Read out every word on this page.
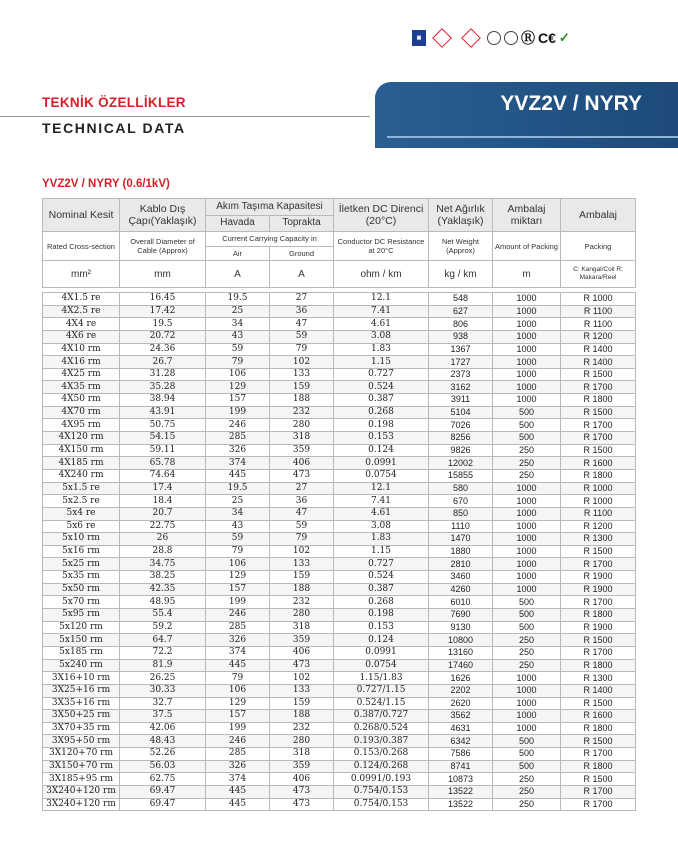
▣	Ⓡ C€ ✓
TEKNİK ÖZELLİKLER
TECHNICAL DATA
YVZ2V / NYRY
YVZ2V / NYRY (0.6/1kV)
Nominal Kesit	Kablo Dış Çapı(Yaklaşık)	Akım Taşıma Kapasitesi		İletken DC Direnci (20°C)	Net Ağırlık (Yaklaşık)	Ambalaj miktarı	Ambalaj
		Havada	Toprakta				
Rated Cross-section	Overall Diameter of Cable (Approx)	Current Carrying Capacity in		Conductor DC Resistance at 20°C	Net Weight (Approx)	Amount of Packing	Packing
		Air	Ground				
mm²	mm	A	A	ohm / km	kg / km	m	C: Kangal/Coil R: Makara/Reel
4X1.5 re	16.45	19.5	27	12.1	548	1000	R 1000
4X2.5 re	17.42	25	36	7.41	627	1000	R 1100
4X4 re	19.5	34	47	4.61	806	1000	R 1100
4X6 re	20.72	43	59	3.08	938	1000	R 1200
4X10 rm	24.36	59	79	1.83	1367	1000	R 1400
4X16 rm	26.7	79	102	1.15	1727	1000	R 1400
4X25 rm	31.28	106	133	0.727	2373	1000	R 1500
4X35 rm	35.28	129	159	0.524	3162	1000	R 1700
4X50 rm	38.94	157	188	0.387	3911	1000	R 1800
4X70 rm	43.91	199	232	0.268	5104	500	R 1500
4X95 rm	50.75	246	280	0.198	7026	500	R 1700
4X120 rm	54.15	285	318	0.153	8256	500	R 1700
4X150 rm	59.11	326	359	0.124	9826	250	R 1500
4X185 rm	65.78	374	406	0.0991	12002	250	R 1600
4X240 rm	74.64	445	473	0.0754	15855	250	R 1800
5x1.5 re	17.4	19.5	27	12.1	580	1000	R 1000
5x2.5 re	18.4	25	36	7.41	670	1000	R 1000
5x4 re	20.7	34	47	4.61	850	1000	R 1100
5x6 re	22.75	43	59	3.08	1110	1000	R 1200
5x10 rm	26	59	79	1.83	1470	1000	R 1300
5x16 rm	28.8	79	102	1.15	1880	1000	R 1500
5x25 rm	34.75	106	133	0.727	2810	1000	R 1700
5x35 rm	38.25	129	159	0.524	3460	1000	R 1900
5x50 rm	42.35	157	188	0.387	4260	1000	R 1900
5x70 rm	48.95	199	232	0.268	6010	500	R 1700
5x95 rm	55.4	246	280	0.198	7690	500	R 1800
5x120 rm	59.2	285	318	0.153	9130	500	R 1900
5x150 rm	64.7	326	359	0.124	10800	250	R 1500
5x185 rm	72.2	374	406	0.0991	13160	250	R 1700
5x240 rm	81.9	445	473	0.0754	17460	250	R 1800
3X16+10 rm	26.25	79	102	1.15/1.83	1626	1000	R 1300
3X25+16 rm	30.33	106	133	0.727/1.15	2202	1000	R 1400
3X35+16 rm	32.7	129	159	0.524/1.15	2620	1000	R 1500
3X50+25 rm	37.5	157	188	0.387/0.727	3562	1000	R 1600
3X70+35 rm	42.06	199	232	0.268/0.524	4631	1000	R 1800
3X95+50 rm	48.43	246	280	0.193/0.387	6342	500	R 1500
3X120+70 rm	52.26	285	318	0.153/0.268	7586	500	R 1700
3X150+70 rm	56.03	326	359	0.124/0.268	8741	500	R 1800
3X185+95 rm	62.75	374	406	0.0991/0.193	10873	250	R 1500
3X240+120 rm	69.47	445	473	0.754/0.153	13522	250	R 1700
3X240+120 rm	69.47	445	473	0.754/0.153	13522	250	R 1700
